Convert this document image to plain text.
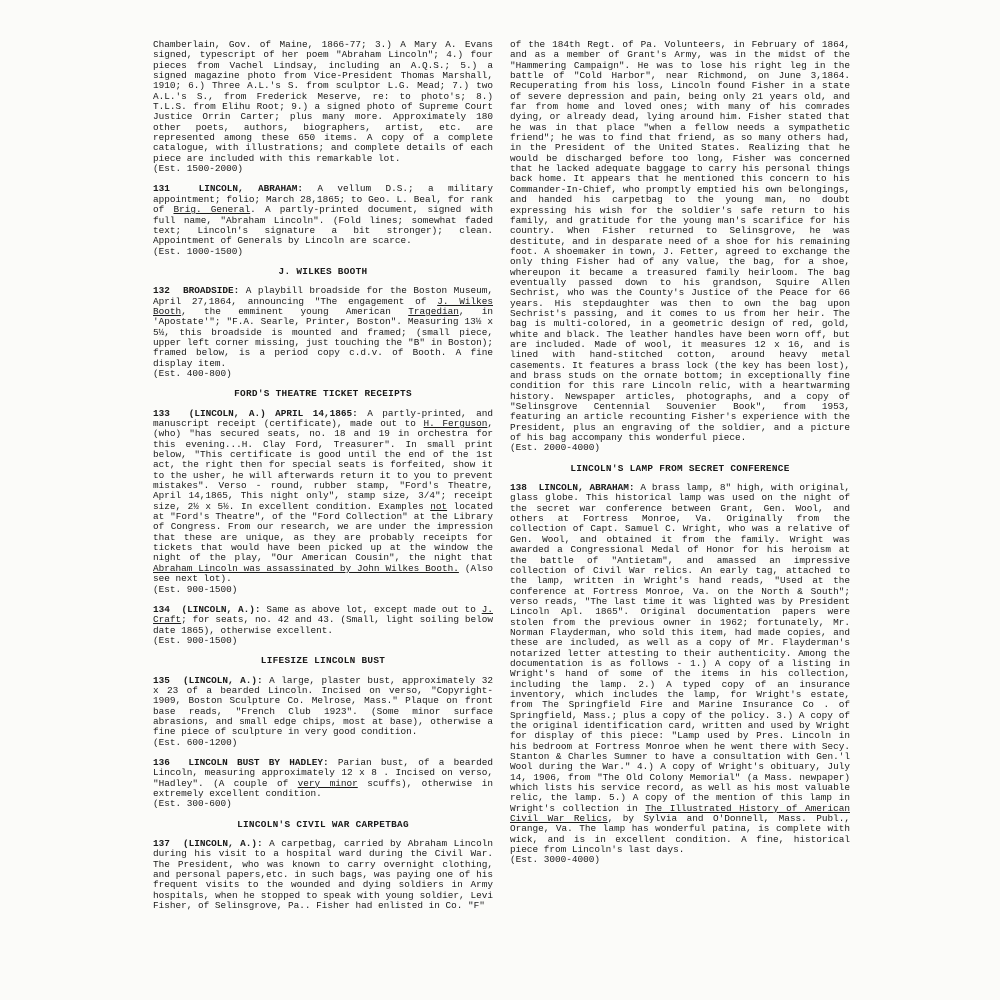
Chamberlain, Gov. of Maine, 1866-77; 3.) A Mary A. Evans signed, typescript of her poem "Abraham Lincoln"; 4.) four pieces from Vachel Lindsay, including an A.Q.S.; 5.) a signed magazine photo from Vice-President Thomas Marshall, 1910; 6.) Three A.L.'s S. from sculptor L.G. Mead; 7.) two A.L.'s S., from Frederick Meserve, re: to photo's; 8.) T.L.S. from Elihu Root; 9.) a signed photo of Supreme Court Justice Orrin Carter; plus many more. Approximately 180 other poets, authors, biographers, artist, etc. are represented among these 650 items. A copy of a complete catalogue, with illustrations; and complete details of each piece are included with this remarkable lot.

(Est. 1500-2000)

131	LINCOLN, ABRAHAM: A vellum D.S.; a military appointment; folio; March 28,1865; to Geo. L. Beal, for rank of Brig. General. A partly-printed document, signed with full name, "Abraham Lincoln". (Fold lines; somewhat faded text; Lincoln's signature a bit stronger); clean. Appointment of Generals by Lincoln are scarce.

(Est. 1000-1500)
J. WILKES BOOTH

132 BROADSIDE: A playbill broadside for the Boston Museum, April 27,1864, announcing "The engagement of J. Wilkes Booth, the emminent young American Tragedian, in 'Apostate'"; "F.A. Searle, Printer, Boston". Measuring 13½ x 5½, this broadside is mounted and framed; (small piece, upper left corner missing, just touching the "B" in Boston); framed below, is a period copy c.d.v. of Booth. A fine display item.

(Est. 400-800)
FORD'S THEATRE TICKET RECEIPTS

133 (LINCOLN, A.) APRIL 14,1865: A partly-printed, and manuscript receipt (certificate), made out to H. Ferguson, (who) "has secured seats, no. 18 and 19 in orchestra for this evening...H. Clay Ford, Treasurer". In small print below, "This certificate is good until the end of the 1st act, the right then for special seats is forfeited, show it to the usher, he will afterwards return it to you to prevent mistakes". Verso - round, rubber stamp, "Ford's Theatre, April 14,1865, This night only", stamp size, 3/4"; receipt size, 2½ x 5½. In excellent condition. Examples not located at "Ford's Theatre", of the "Ford Collection" at the Library of Congress. From our research, we are under the impression that these are unique, as they are probably receipts for tickets that would have been picked up at the window the night of the play, "Our American Cousin", the night that Abraham Lincoln was assassinated by John Wilkes Booth. (Also see next lot).

(Est. 900-1500)

134 (LINCOLN, A.): Same as above lot, except made out to J. Craft; for seats, no. 42 and 43. (Small, light soiling below date 1865), otherwise excellent.

(Est. 900-1500)
LIFESIZE LINCOLN BUST

135 (LINCOLN, A.): A large, plaster bust, approximately 32 x 23 of a bearded Lincoln. Incised on verso, "Copyright-1909, Boston Sculpture Co. Melrose, Mass." Plaque on front base reads, "French Club 1923". (Some minor surface abrasions, and small edge chips, most at base), otherwise a fine piece of sculpture in very good condition.

(Est. 600-1200)

136 LINCOLN BUST BY HADLEY: Parian bust, of a bearded Lincoln, measuring approximately 12 x 8 . Incised on verso, "Hadley". (A couple of very minor scuffs), otherwise in extremely excellent condition.

(Est. 300-600)
LINCOLN'S CIVIL WAR CARPETBAG

137 (LINCOLN, A.): A carpetbag, carried by Abraham Lincoln during his visit to a hospital ward during the Civil War. The President, who was known to carry overnight clothing, and personal papers,etc. in such bags, was paying one of his frequent visits to the wounded and dying soldiers in Army hospitals, when he stopped to speak with young soldier, Levi Fisher, of Selinsgrove, Pa.. Fisher had enlisted in Co. "F"

of the 184th Regt. of Pa. Volunteers, in February of 1864, and as a member of Grant's Army, was in the midst of the "Hammering Campaign". He was to lose his right leg in the battle of "Cold Harbor", near Richmond, on June 3,1864. Recuperating from his loss, Lincoln found Fisher in a state of severe depression and pain, being only 21 years old, and far from home and loved ones; with many of his comrades dying, or already dead, lying around him. Fisher stated that he was in that place "when a fellow needs a sympathetic friend"; he was to find that friend, as so many others had, in the President of the United States. Realizing that he would be discharged before too long, Fisher was concerned that he lacked adequate baggage to carry his personal things back home. It appears that he mentioned this concern to his Commander-In-Chief, who promptly emptied his own belongings, and handed his carpetbag to the young man, no doubt expressing his wish for the soldier's safe return to his family, and gratitude for the young man's scarifice for his country. When Fisher returned to Selinsgrove, he was destitute, and in desparate need of a shoe for his remaining foot. A shoemaker in town, J. Fetter, agreed to exchange the only thing Fisher had of any value, the bag, for a shoe, whereupon it became a treasured family heirloom. The bag eventually passed down to his grandson, Squire Allen Sechrist, who was the County's Justice of the Peace for 66 years. His stepdaughter was then to own the bag upon Sechrist's passing, and it comes to us from her heir. The bag is multi-colored, in a geometric design of red, gold, white and black. The leather handles have been worn off, but are included. Made of wool, it measures 12 x 16, and is lined with hand-stitched cotton, around heavy metal casements. It features a brass lock (the key has been lost), and brass studs on the ornate bottom; in exceptionally fine condition for this rare Lincoln relic, with a heartwarming history. Newspaper articles, photographs, and a copy of "Selinsgrove Centennial Souvenier Book", from 1953, featuring an article recounting Fisher's experience with the President, plus an engraving of the soldier, and a picture of his bag accompany this wonderful piece.

(Est. 2000-4000)
LINCOLN'S LAMP FROM SECRET CONFERENCE

138 LINCOLN, ABRAHAM: A brass lamp, 8" high, with original, glass globe. This historical lamp was used on the night of the secret war conference between Grant, Gen. Wool, and others at Fortress Monroe, Va. Originally from the collection of Capt. Samuel C. Wright, who was a relative of Gen. Wool, and obtained it from the family. Wright was awarded a Congressional Medal of Honor for his heroism at the battle of "Antietam", and amassed an impressive collection of Civil War relics. An early tag, attached to the lamp, written in Wright's hand reads, "Used at the conference at Fortress Monroe, Va. on the North & South"; verso reads, "The last time it was lighted was by President Lincoln Apl. 1865". Original documentation papers were stolen from the previous owner in 1962; fortunately, Mr. Norman Flayderman, who sold this item, had made copies, and these are included, as well as a copy of Mr. Flayderman's notarized letter attesting to their authenticity. Among the documentation is as follows - 1.) A copy of a listing in Wright's hand of some of the items in his collection, including the lamp. 2.) A typed copy of an insurance inventory, which includes the lamp, for Wright's estate, from The Springfield Fire and Marine Insurance Co . of Springfield, Mass.; plus a copy of the policy. 3.) A copy of the original identification card, written and used by Wright for display of this piece: "Lamp used by Pres. Lincoln in his bedroom at Fortress Monroe when he went there with Secy. Stanton & Charles Sumner to have a consultation with Gen.'l Wool during the War." 4.) A copy of Wright's obituary, July 14, 1906, from "The Old Colony Memorial" (a Mass. newpaper) which lists his service record, as well as his most valuable relic, the lamp. 5.) A copy of the mention of this lamp in Wright's collection in The Illustrated History of American Civil War Relics, by Sylvia and O'Donnell, Mass. Publ., Orange, Va. The lamp has wonderful patina, is complete with wick, and is in excellent condition. A fine, historical piece from Lincoln's last days.

(Est. 3000-4000)
